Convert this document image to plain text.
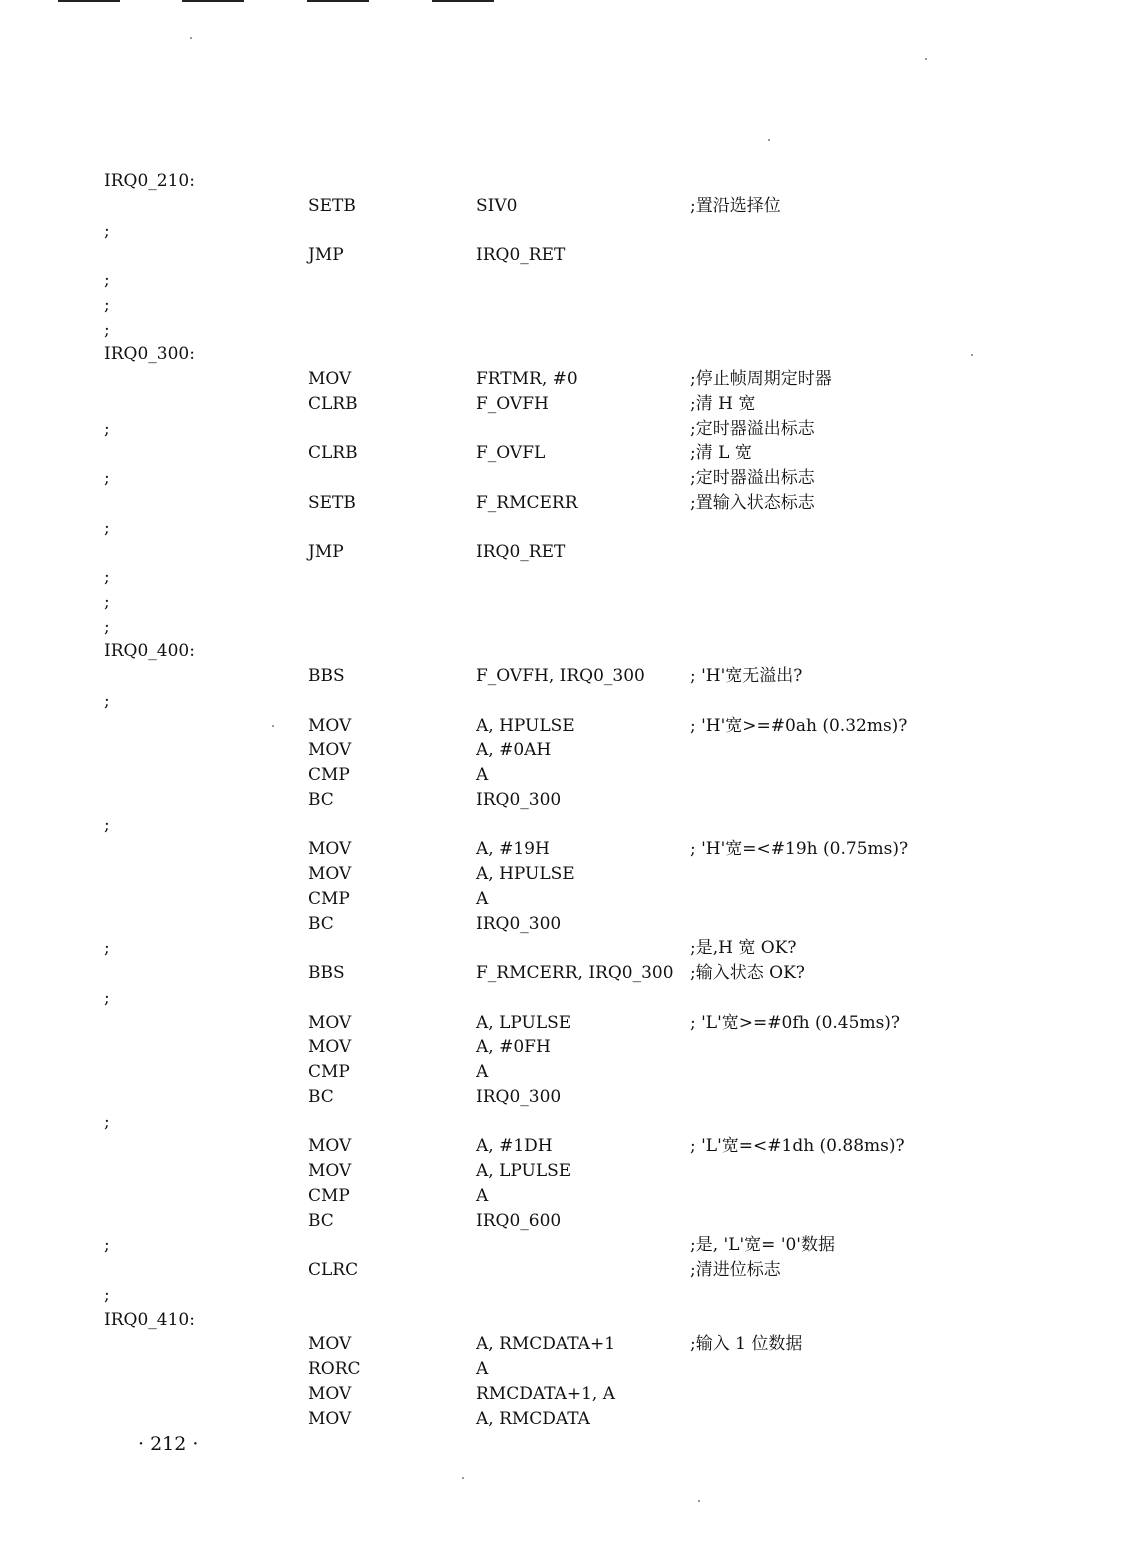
IRQ0_210:
SETB	SIV0	;置沿选择位
;
JMP	IRQ0_RET
;
;
;
IRQ0_300:
MOV	FRTMR, #0	;停止帧周期定时器
CLRB	F_OVFH	;清 H 宽
;	;定时器溢出标志
CLRB	F_OVFL	;清 L 宽
;	;定时器溢出标志
SETB	F_RMCERR	;置输入状态标志
;
JMP	IRQ0_RET
;
;
;
IRQ0_400:
BBS	F_OVFH, IRQ0_300	; 'H'宽无溢出?
;
MOV	A, HPULSE	; 'H'宽>=#0ah (0.32ms)?
MOV	A, #0AH
CMP	A
BC	IRQ0_300
;
MOV	A, #19H	; 'H'宽=<#19h (0.75ms)?
MOV	A, HPULSE
CMP	A
BC	IRQ0_300
;	;是,H 宽 OK?
BBS	F_RMCERR, IRQ0_300 ;输入状态 OK?
;
MOV	A, LPULSE	; 'L'宽>=#0fh (0.45ms)?
MOV	A, #0FH
CMP	A
BC	IRQ0_300
;
MOV	A, #1DH	; 'L'宽=<#1dh (0.88ms)?
MOV	A, LPULSE
CMP	A
BC	IRQ0_600
;	;是, 'L'宽= '0'数据
CLRC	;清进位标志
;
IRQ0_410:
MOV	A, RMCDATA+1	;输入 1 位数据
RORC	A
MOV	RMCDATA+1, A
MOV	A, RMCDATA
· 212 ·
